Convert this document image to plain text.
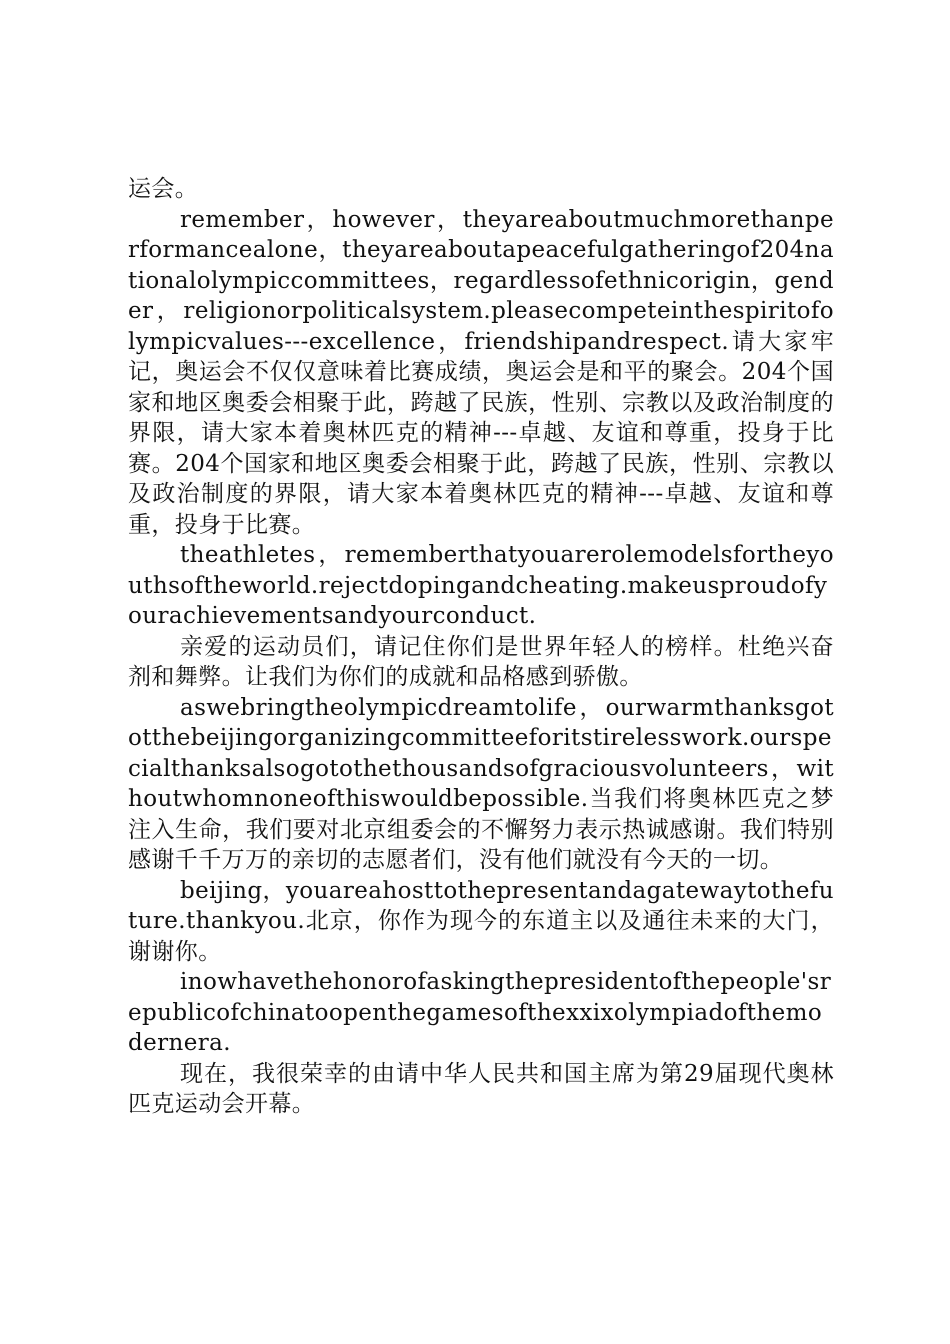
运会。

remember，however，theyareaboutmuchmorethanperformancealone，theyareaboutapeacefulgatheringof204nationalolympiccommittees，regardlessofethnicorigin，gender，religionorpoliticalsystem.pleasecompeteinthespiritofolympicvalues---excellence，friendshipandrespect.请大家牢记，奥运会不仅仅意味着比赛成绩，奥运会是和平的聚会。204个国家和地区奥委会相聚于此，跨越了民族，性别、宗教以及政治制度的界限，请大家本着奥林匹克的精神---卓越、友谊和尊重，投身于比赛。204个国家和地区奥委会相聚于此，跨越了民族，性别、宗教以及政治制度的界限，请大家本着奥林匹克的精神---卓越、友谊和尊重，投身于比赛。

theathletes，rememberthatyouarerolemodelsfortheyouthsoftheworld.rejectdopingandcheating.makeusproudofyourachievementsandyourconduct.

亲爱的运动员们，请记住你们是世界年轻人的榜样。杜绝兴奋剂和舞弊。让我们为你们的成就和品格感到骄傲。

aswebringtheolympicdreamtolife，ourwarmthanksgototthebeijingorganizingcommitteeforitstirelesswork.ourspecialthanksalsogotothethousandsofgraciousvolunteers，withoutwhomnoneofthiswouldbepossible.当我们将奥林匹克之梦注入生命，我们要对北京组委会的不懈努力表示热诚感谢。我们特别感谢千千万万的亲切的志愿者们，没有他们就没有今天的一切。

beijing，youareahosttothepresentandagatewaytothefuture.thankyou.北京，你作为现今的东道主以及通往未来的大门，谢谢你。

inowhavethehonorofaskingthepresidentofthepeople'srepublicofchinatoopenthegamesofthexxixolympiadofthemodernera.

现在，我很荣幸的由请中华人民共和国主席为第29届现代奥林匹克运动会开幕。
